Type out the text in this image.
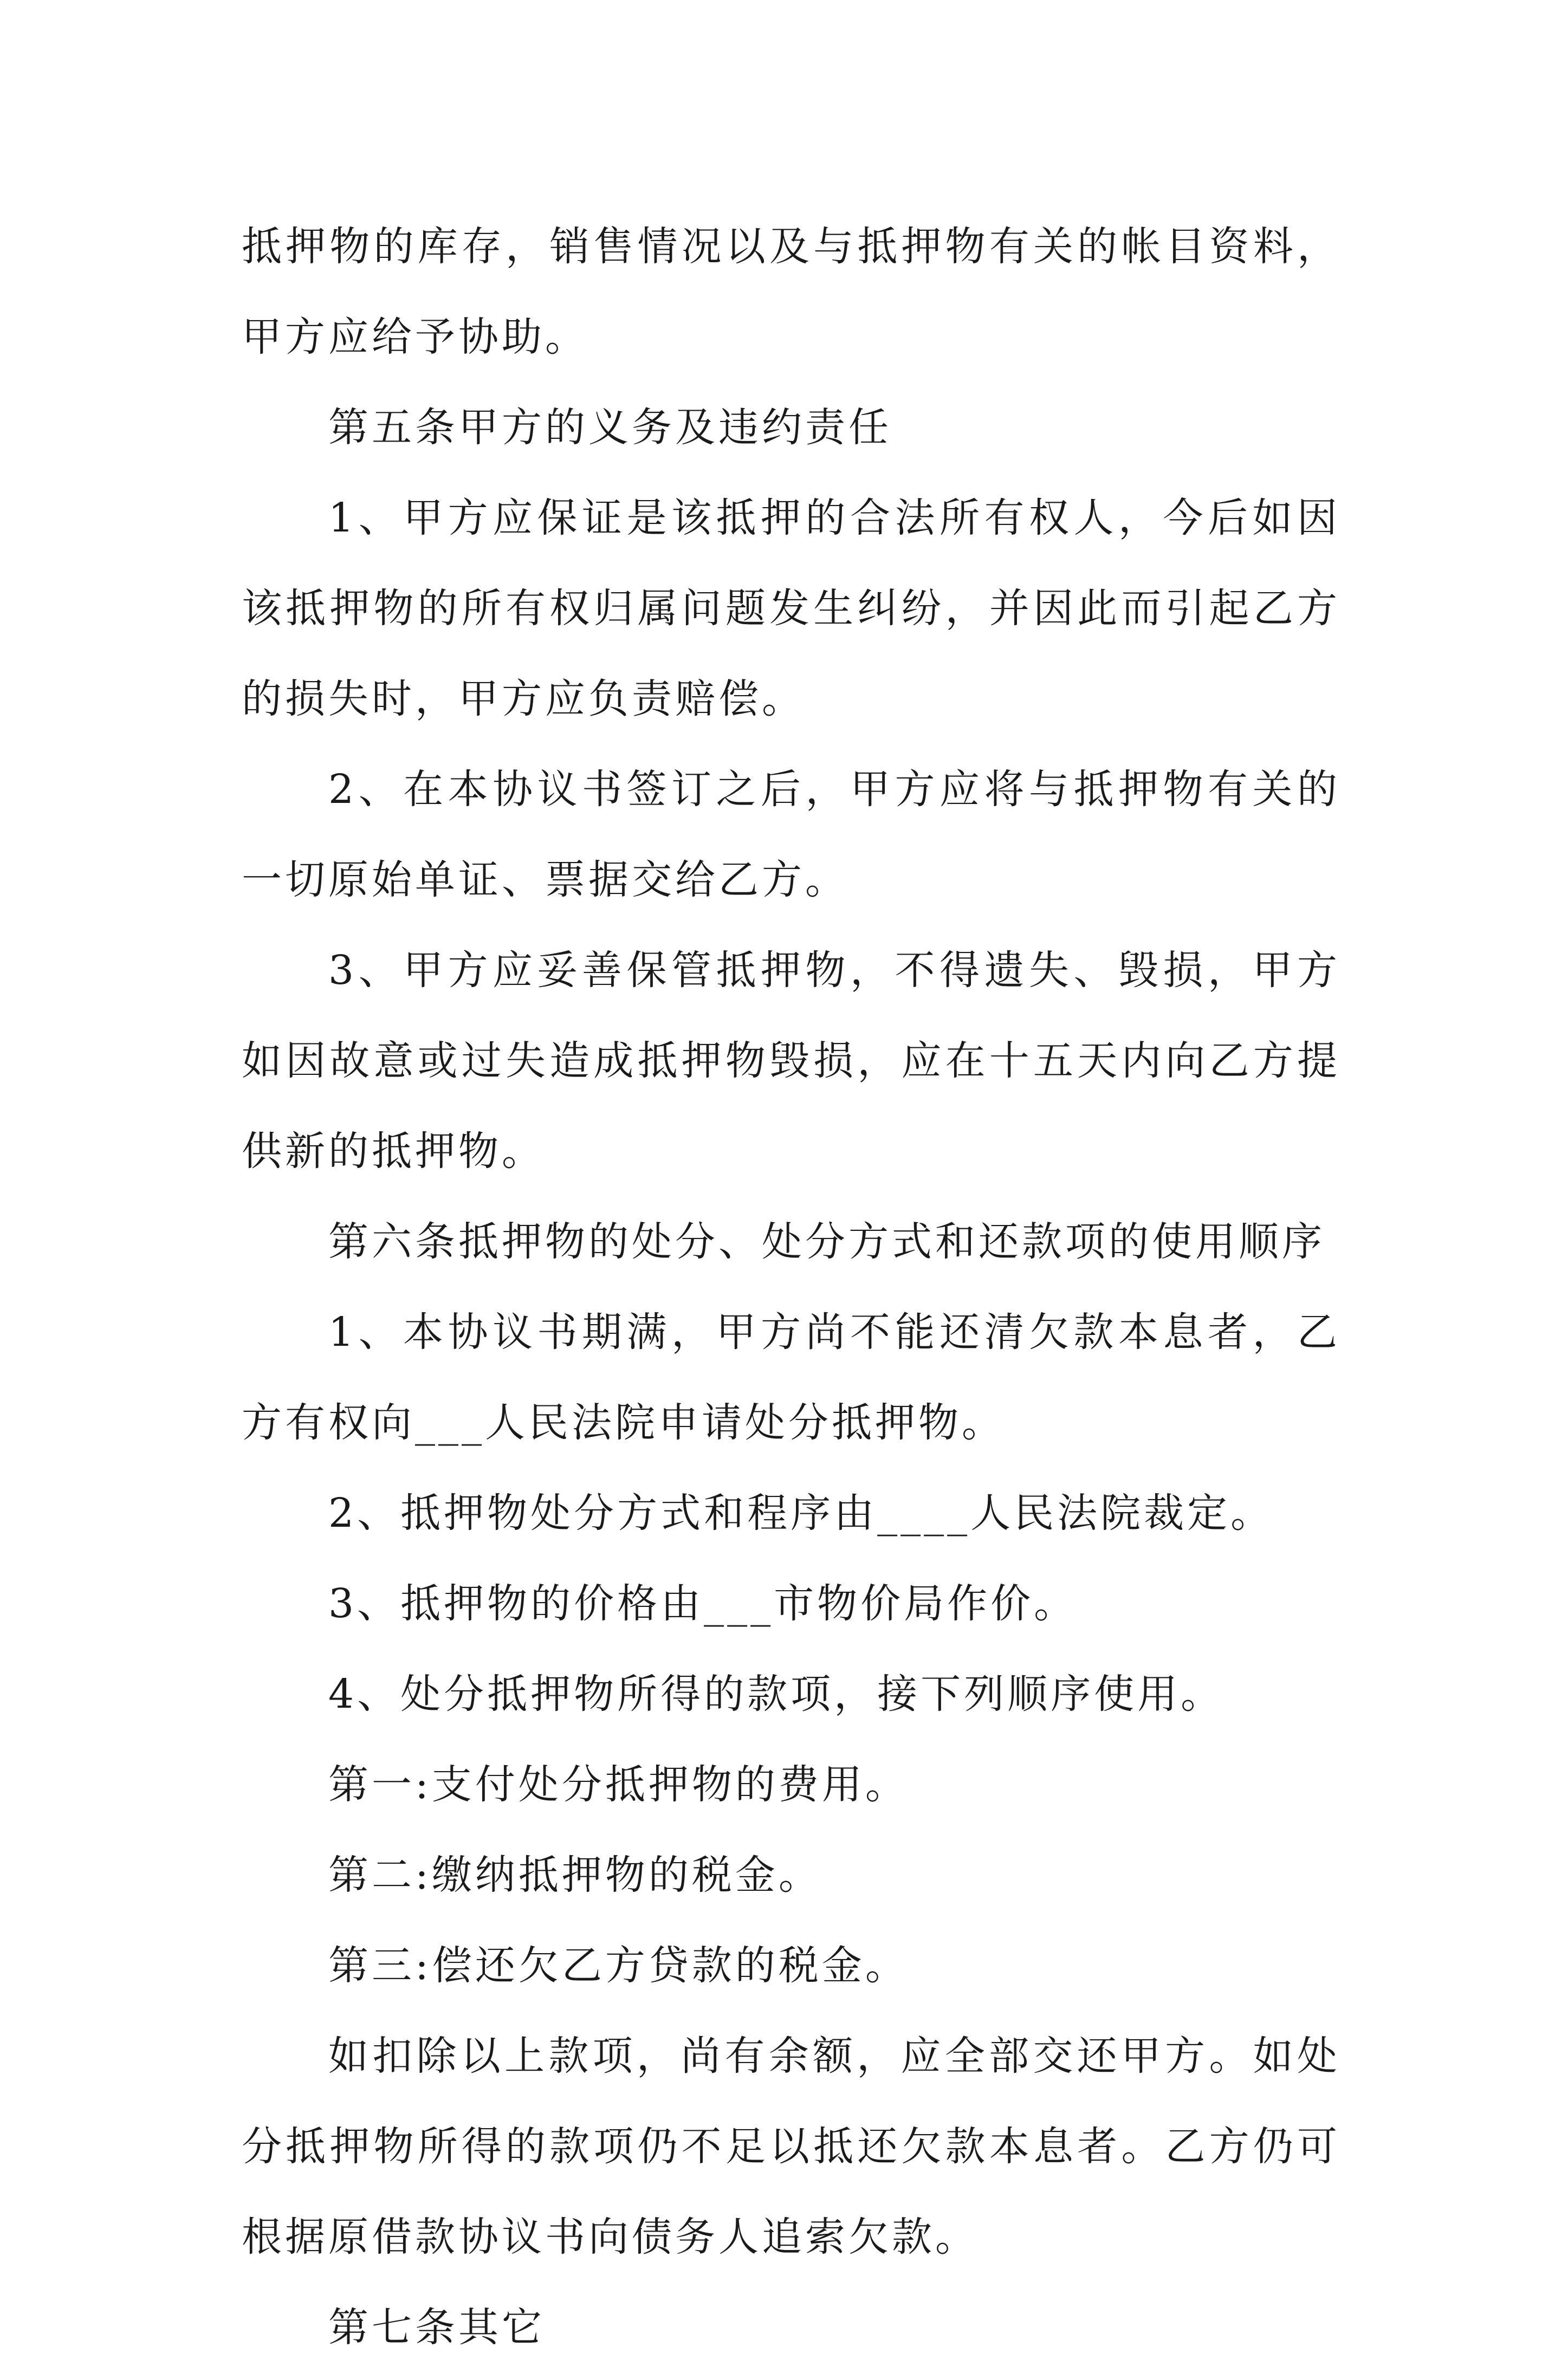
抵押物的库存，销售情况以及与抵押物有关的帐目资料，甲方应给予协助。

第五条甲方的义务及违约责任

1、甲方应保证是该抵押的合法所有权人，今后如因该抵押物的所有权归属问题发生纠纷，并因此而引起乙方的损失时，甲方应负责赔偿。

2、在本协议书签订之后，甲方应将与抵押物有关的一切原始单证、票据交给乙方。

3、甲方应妥善保管抵押物，不得遗失、毁损，甲方如因故意或过失造成抵押物毁损，应在十五天内向乙方提供新的抵押物。

第六条抵押物的处分、处分方式和还款项的使用顺序

1、本协议书期满，甲方尚不能还清欠款本息者，乙方有权向___人民法院申请处分抵押物。

2、抵押物处分方式和程序由____人民法院裁定。

3、抵押物的价格由___市物价局作价。

4、处分抵押物所得的款项，接下列顺序使用。

第一:支付处分抵押物的费用。

第二:缴纳抵押物的税金。

第三:偿还欠乙方贷款的税金。

如扣除以上款项，尚有余额，应全部交还甲方。如处分抵押物所得的款项仍不足以抵还欠款本息者。乙方仍可根据原借款协议书向债务人追索欠款。

第七条其它
